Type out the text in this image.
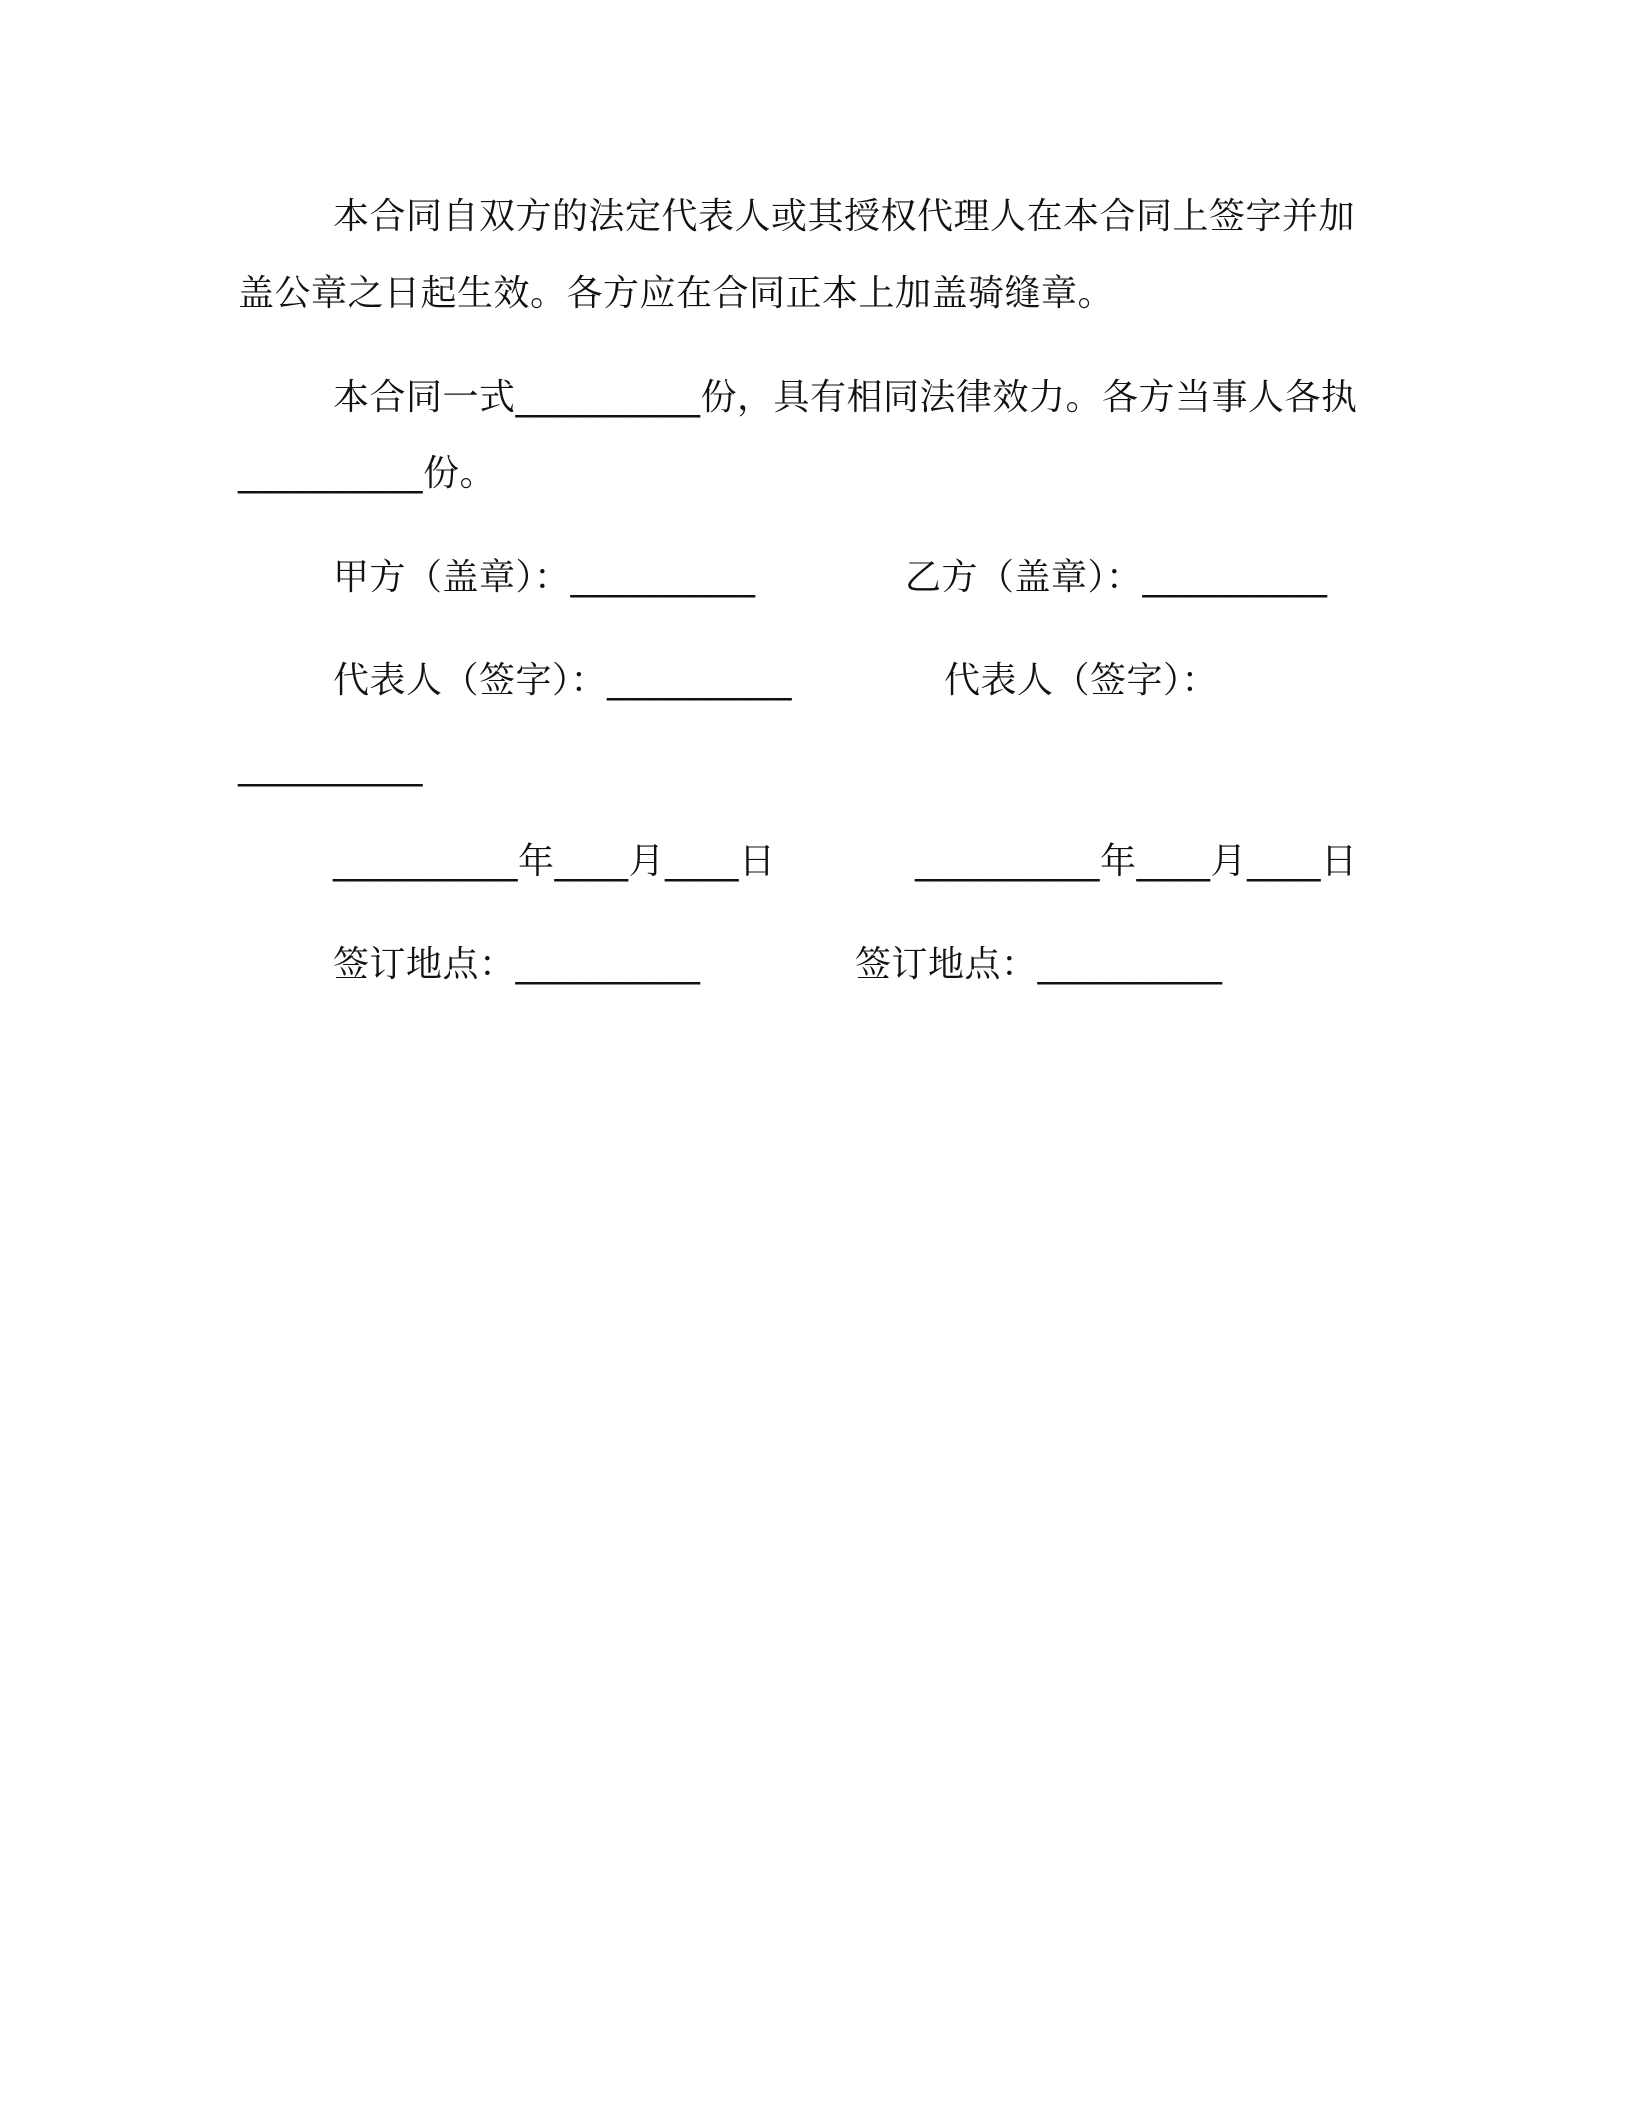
本合同自双方的法定代表人或其授权代理人在本合同上签字并加
盖公章之日起生效。各方应在合同正本上加盖骑缝章。
本合同一式__________份，具有相同法律效力。各方当事人各执
__________份。
甲方（盖章）：__________	乙方（盖章）：__________
代表人（签字）：__________	代表人（签字）：
__________
__________年____月____日	__________年____月____日
签订地点：__________	签订地点：__________
